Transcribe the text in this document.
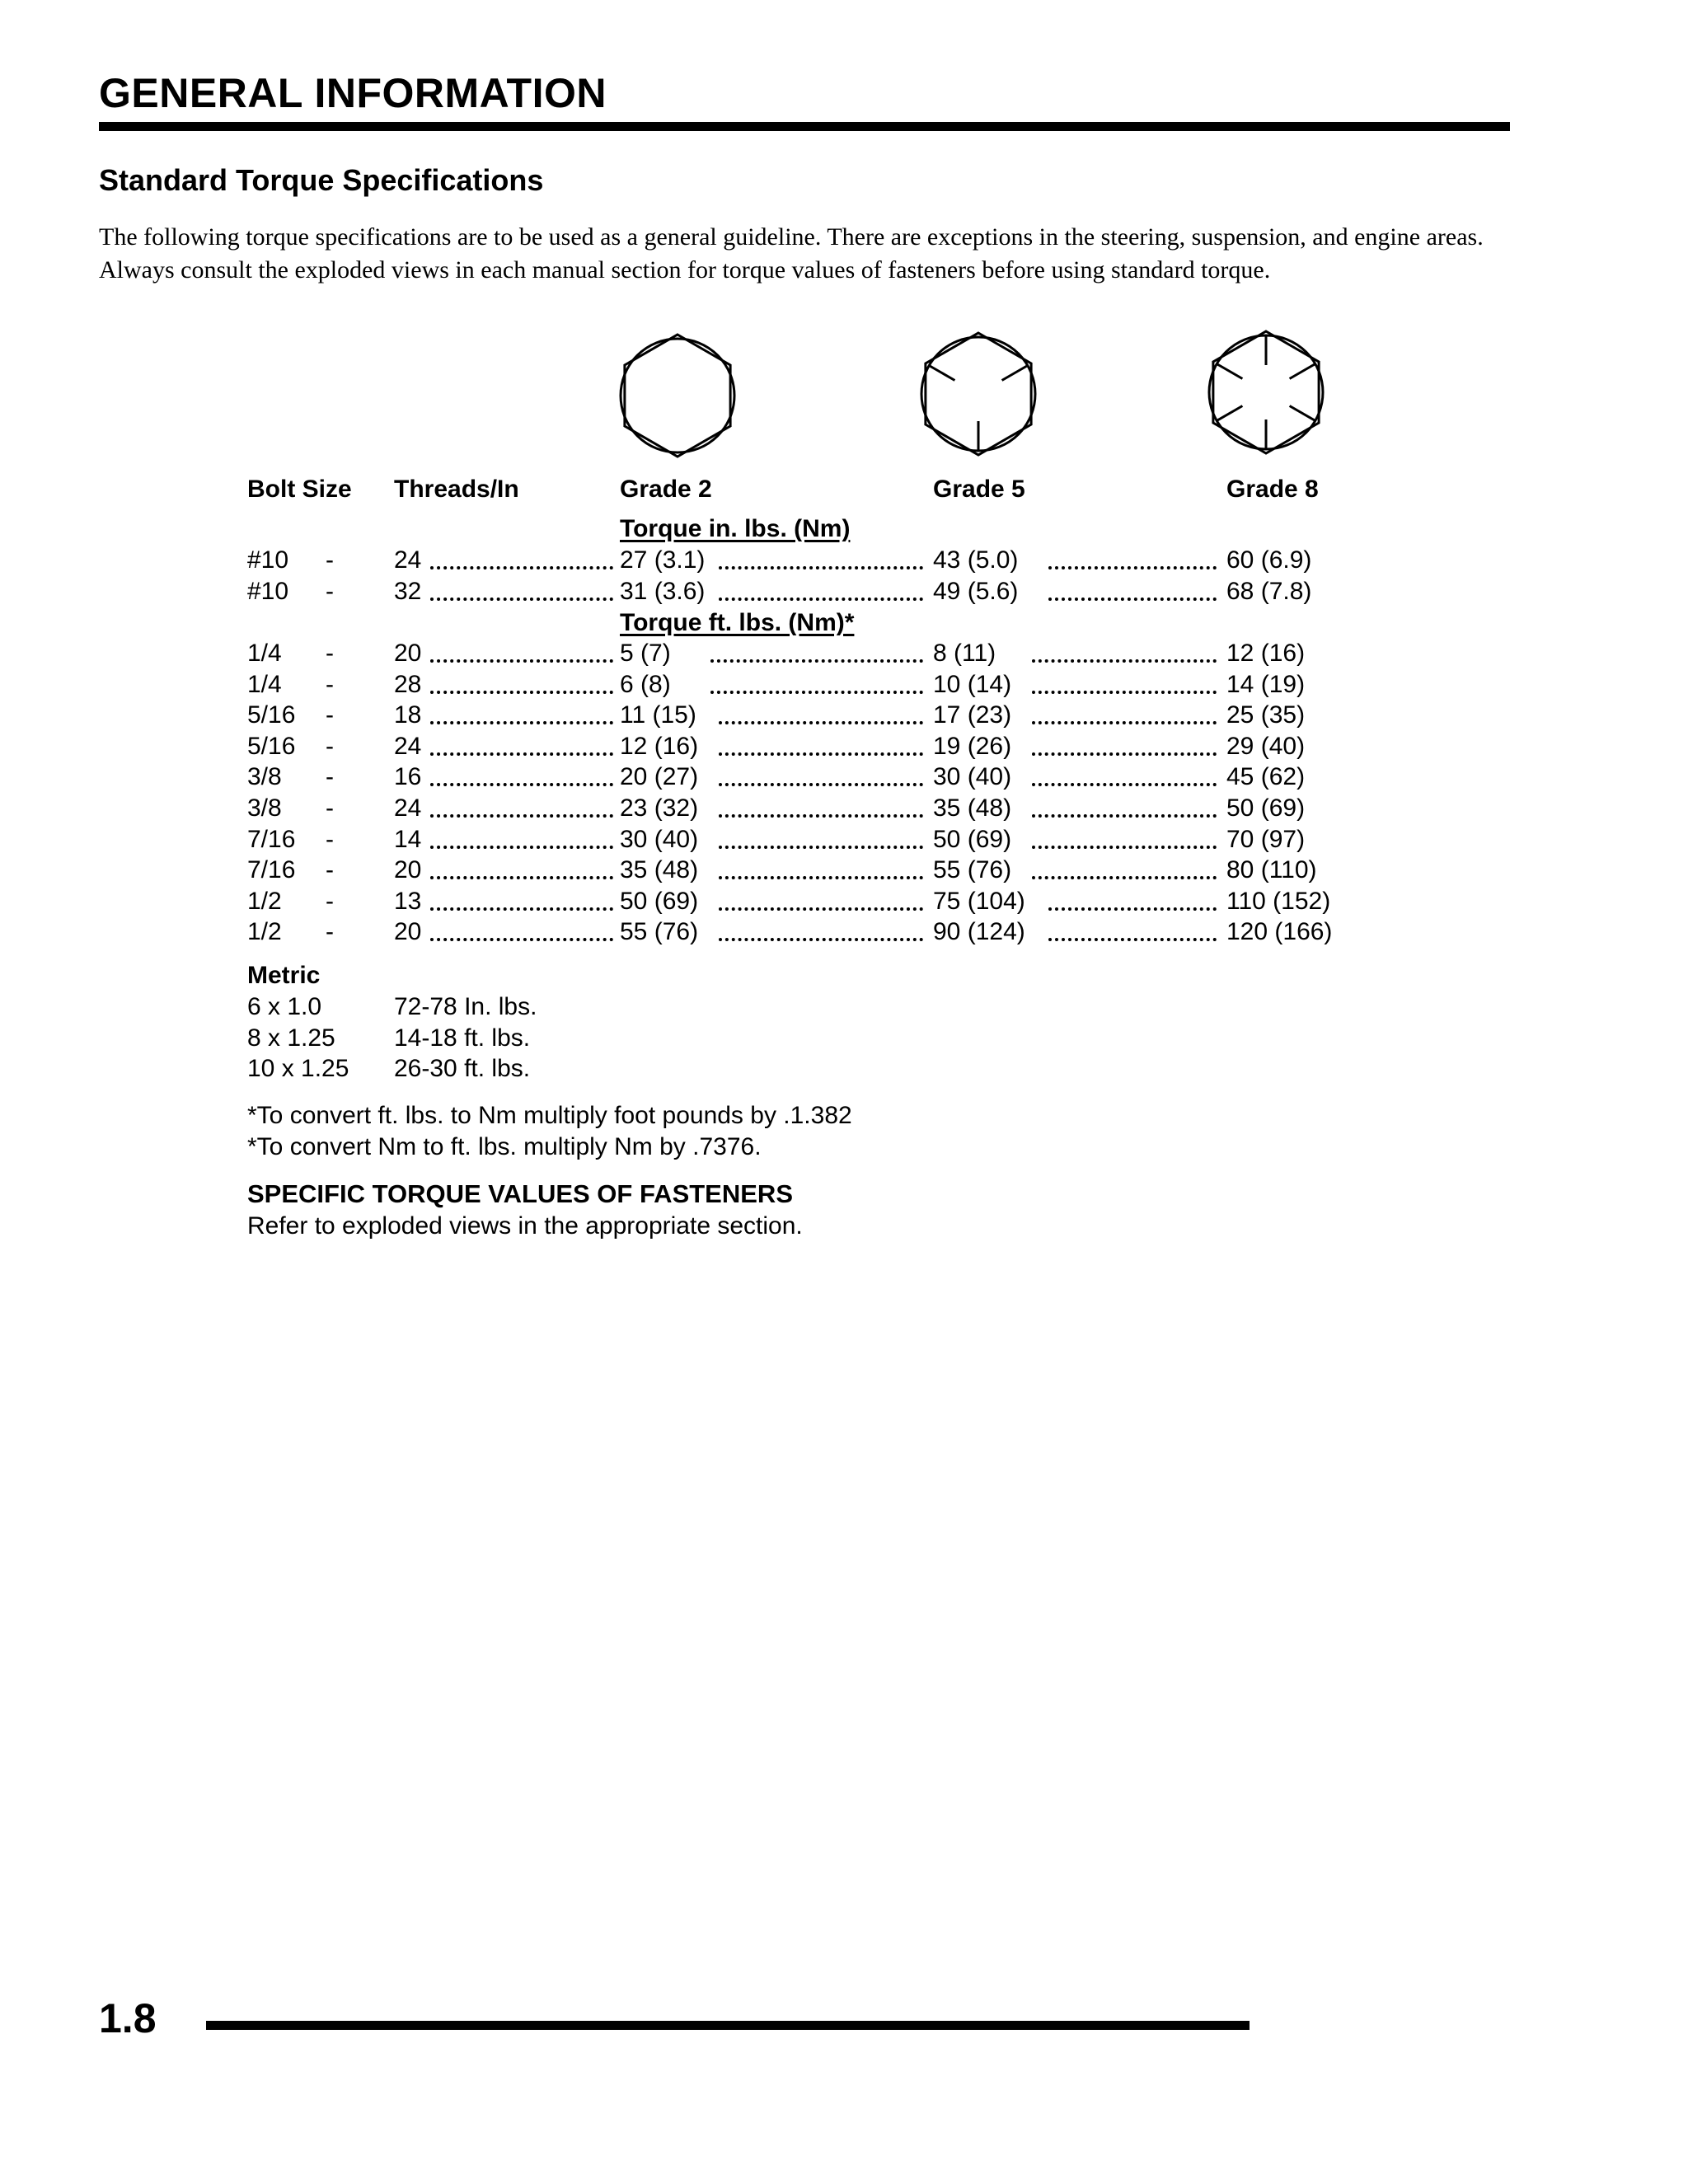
GENERAL INFORMATION
Standard Torque Specifications

The following torque specifications are to be used as a general guideline. There are exceptions in the steering, suspension, and engine areas. Always consult the exploded views in each manual section for torque values of fasteners before using standard torque.

Bolt Size Threads/In	Grade 2	Grade 5	Grade 8
Torque in. lbs. (Nm)
#10 - 24	27 (3.1)	43 (5.0)	60 (6.9)
#10 - 32	31 (3.6)	49 (5.6)	68 (7.8)
Torque ft. lbs. (Nm)*
1/4 - 20	5 (7)	8 (11)	12 (16)
1/4 - 28	6 (8)	10 (14)	14 (19)
5/16 - 18	11 (15)	17 (23)	25 (35)
5/16 - 24	12 (16)	19 (26)	29 (40)
3/8 - 16	20 (27)	30 (40)	45 (62)
3/8 - 24	23 (32)	35 (48)	50 (69)
7/16 - 14	30 (40)	50 (69)	70 (97)
7/16 - 20	35 (48)	55 (76)	80 (110)
1/2 - 13	50 (69)	75 (104)	110 (152)
1/2 - 20	55 (76)	90 (124)	120 (166)
Metric
6 x 1.0	72-78 In. lbs.
8 x 1.25 14-18 ft. lbs.
10 x 1.25 26-30 ft. lbs.
*To convert ft. lbs. to Nm multiply foot pounds by .1.382
*To convert Nm to ft. lbs. multiply Nm by .7376.
SPECIFIC TORQUE VALUES OF FASTENERS
Refer to exploded views in the appropriate section.
1.8
